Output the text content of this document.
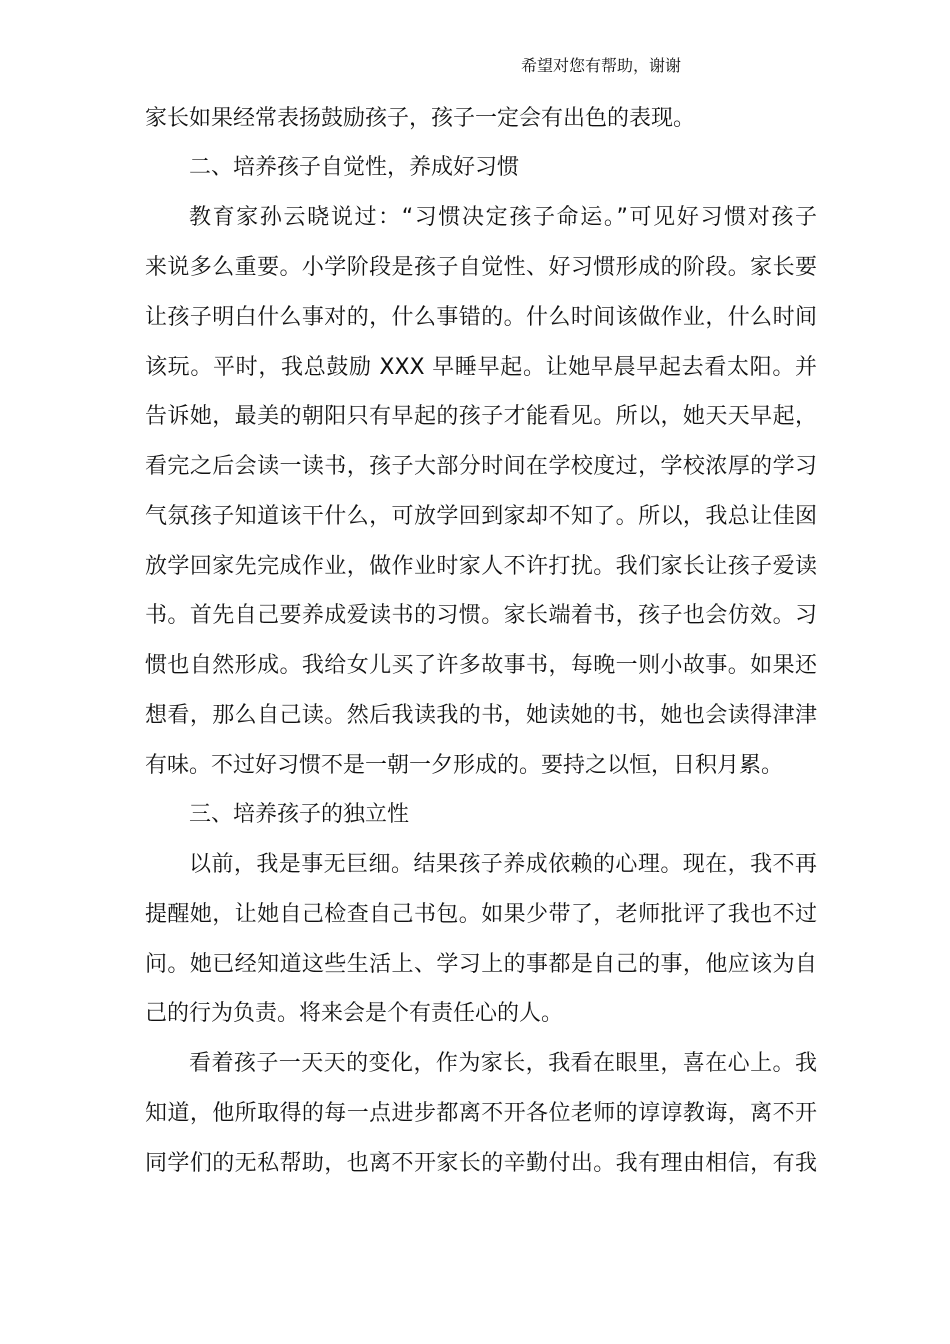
希望对您有帮助，谢谢
家长如果经常表扬鼓励孩子，孩子一定会有出色的表现。
二、培养孩子自觉性，养成好习惯
教育家孙云晓说过：“习惯决定孩子命运。”可见好习惯对孩子
来说多么重要。小学阶段是孩子自觉性、好习惯形成的阶段。家长要
让孩子明白什么事对的，什么事错的。什么时间该做作业，什么时间
该玩。平时，我总鼓励 XXX 早睡早起。让她早晨早起去看太阳。并
告诉她，最美的朝阳只有早起的孩子才能看见。所以，她天天早起，
看完之后会读一读书，孩子大部分时间在学校度过，学校浓厚的学习
气氛孩子知道该干什么，可放学回到家却不知了。所以，我总让佳囡
放学回家先完成作业，做作业时家人不许打扰。我们家长让孩子爱读
书。首先自己要养成爱读书的习惯。家长端着书，孩子也会仿效。习
惯也自然形成。我给女儿买了许多故事书，每晚一则小故事。如果还
想看，那么自己读。然后我读我的书，她读她的书，她也会读得津津
有味。不过好习惯不是一朝一夕形成的。要持之以恒，日积月累。
三、培养孩子的独立性
以前，我是事无巨细。结果孩子养成依赖的心理。现在，我不再
提醒她，让她自己检查自己书包。如果少带了，老师批评了我也不过
问。她已经知道这些生活上、学习上的事都是自己的事，他应该为自
己的行为负责。将来会是个有责任心的人。
看着孩子一天天的变化，作为家长，我看在眼里，喜在心上。我
知道，他所取得的每一点进步都离不开各位老师的谆谆教诲，离不开
同学们的无私帮助，也离不开家长的辛勤付出。我有理由相信，有我
